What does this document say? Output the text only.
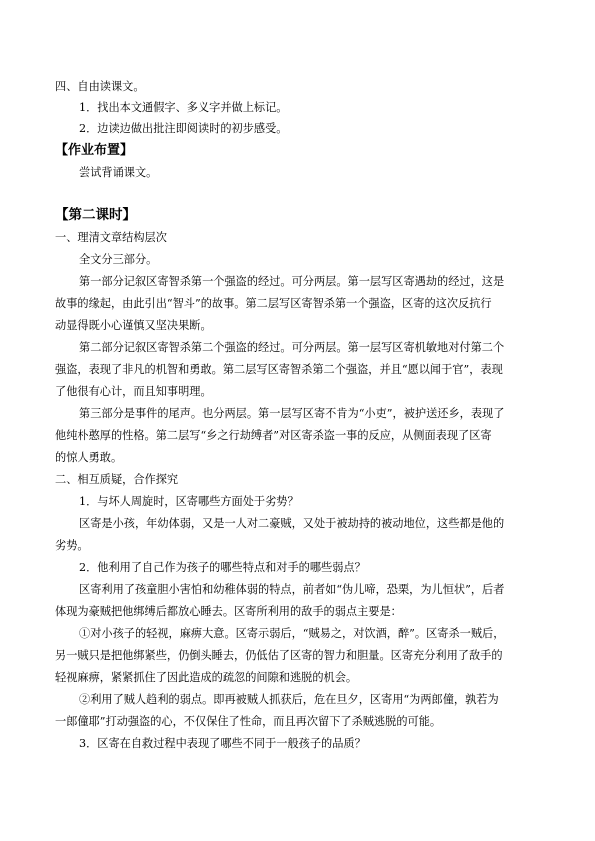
四、自由读课文。
1．找出本文通假字、多义字并做上标记。
2．边读边做出批注即阅读时的初步感受。
【作业布置】
尝试背诵课文。
【第二课时】
一、理清文章结构层次
全文分三部分。
第一部分记叙区寄智杀第一个强盗的经过。可分两层。第一层写区寄遇劫的经过，这是
故事的缘起，由此引出“智斗”的故事。第二层写区寄智杀第一个强盗，区寄的这次反抗行
动显得既小心谨慎又坚决果断。
第二部分记叙区寄智杀第二个强盗的经过。可分两层。第一层写区寄机敏地对付第二个
强盗，表现了非凡的机智和勇敢。第二层写区寄智杀第二个强盗，并且“愿以闻于官”，表现
了他很有心计，而且知事明理。
第三部分是事件的尾声。也分两层。第一层写区寄不肯为“小吏”，被护送还乡，表现了
他纯朴憨厚的性格。第二层写“乡之行劫缚者”对区寄杀盗一事的反应，从侧面表现了区寄
的惊人勇敢。
二、相互质疑，合作探究
1．与坏人周旋时，区寄哪些方面处于劣势？
区寄是小孩，年幼体弱，又是一人对二豪贼，又处于被劫持的被动地位，这些都是他的
劣势。
2．他利用了自己作为孩子的哪些特点和对手的哪些弱点？
区寄利用了孩童胆小害怕和幼稚体弱的特点，前者如“伪儿啼，恐栗，为儿恒状”，后者
体现为豪贼把他绑缚后都放心睡去。区寄所利用的敌手的弱点主要是：
①对小孩子的轻视，麻痹大意。区寄示弱后，“贼易之，对饮酒，醉”。区寄杀一贼后，
另一贼只是把他绑紧些，仍倒头睡去，仍低估了区寄的智力和胆量。区寄充分利用了敌手的
轻视麻痹，紧紧抓住了因此造成的疏忽的间隙和逃脱的机会。
②利用了贼人趋利的弱点。即再被贼人抓获后，危在旦夕，区寄用“为两郎僮，孰若为
一郎僮耶”打动强盗的心，不仅保住了性命，而且再次留下了杀贼逃脱的可能。
3．区寄在自救过程中表现了哪些不同于一般孩子的品质？
